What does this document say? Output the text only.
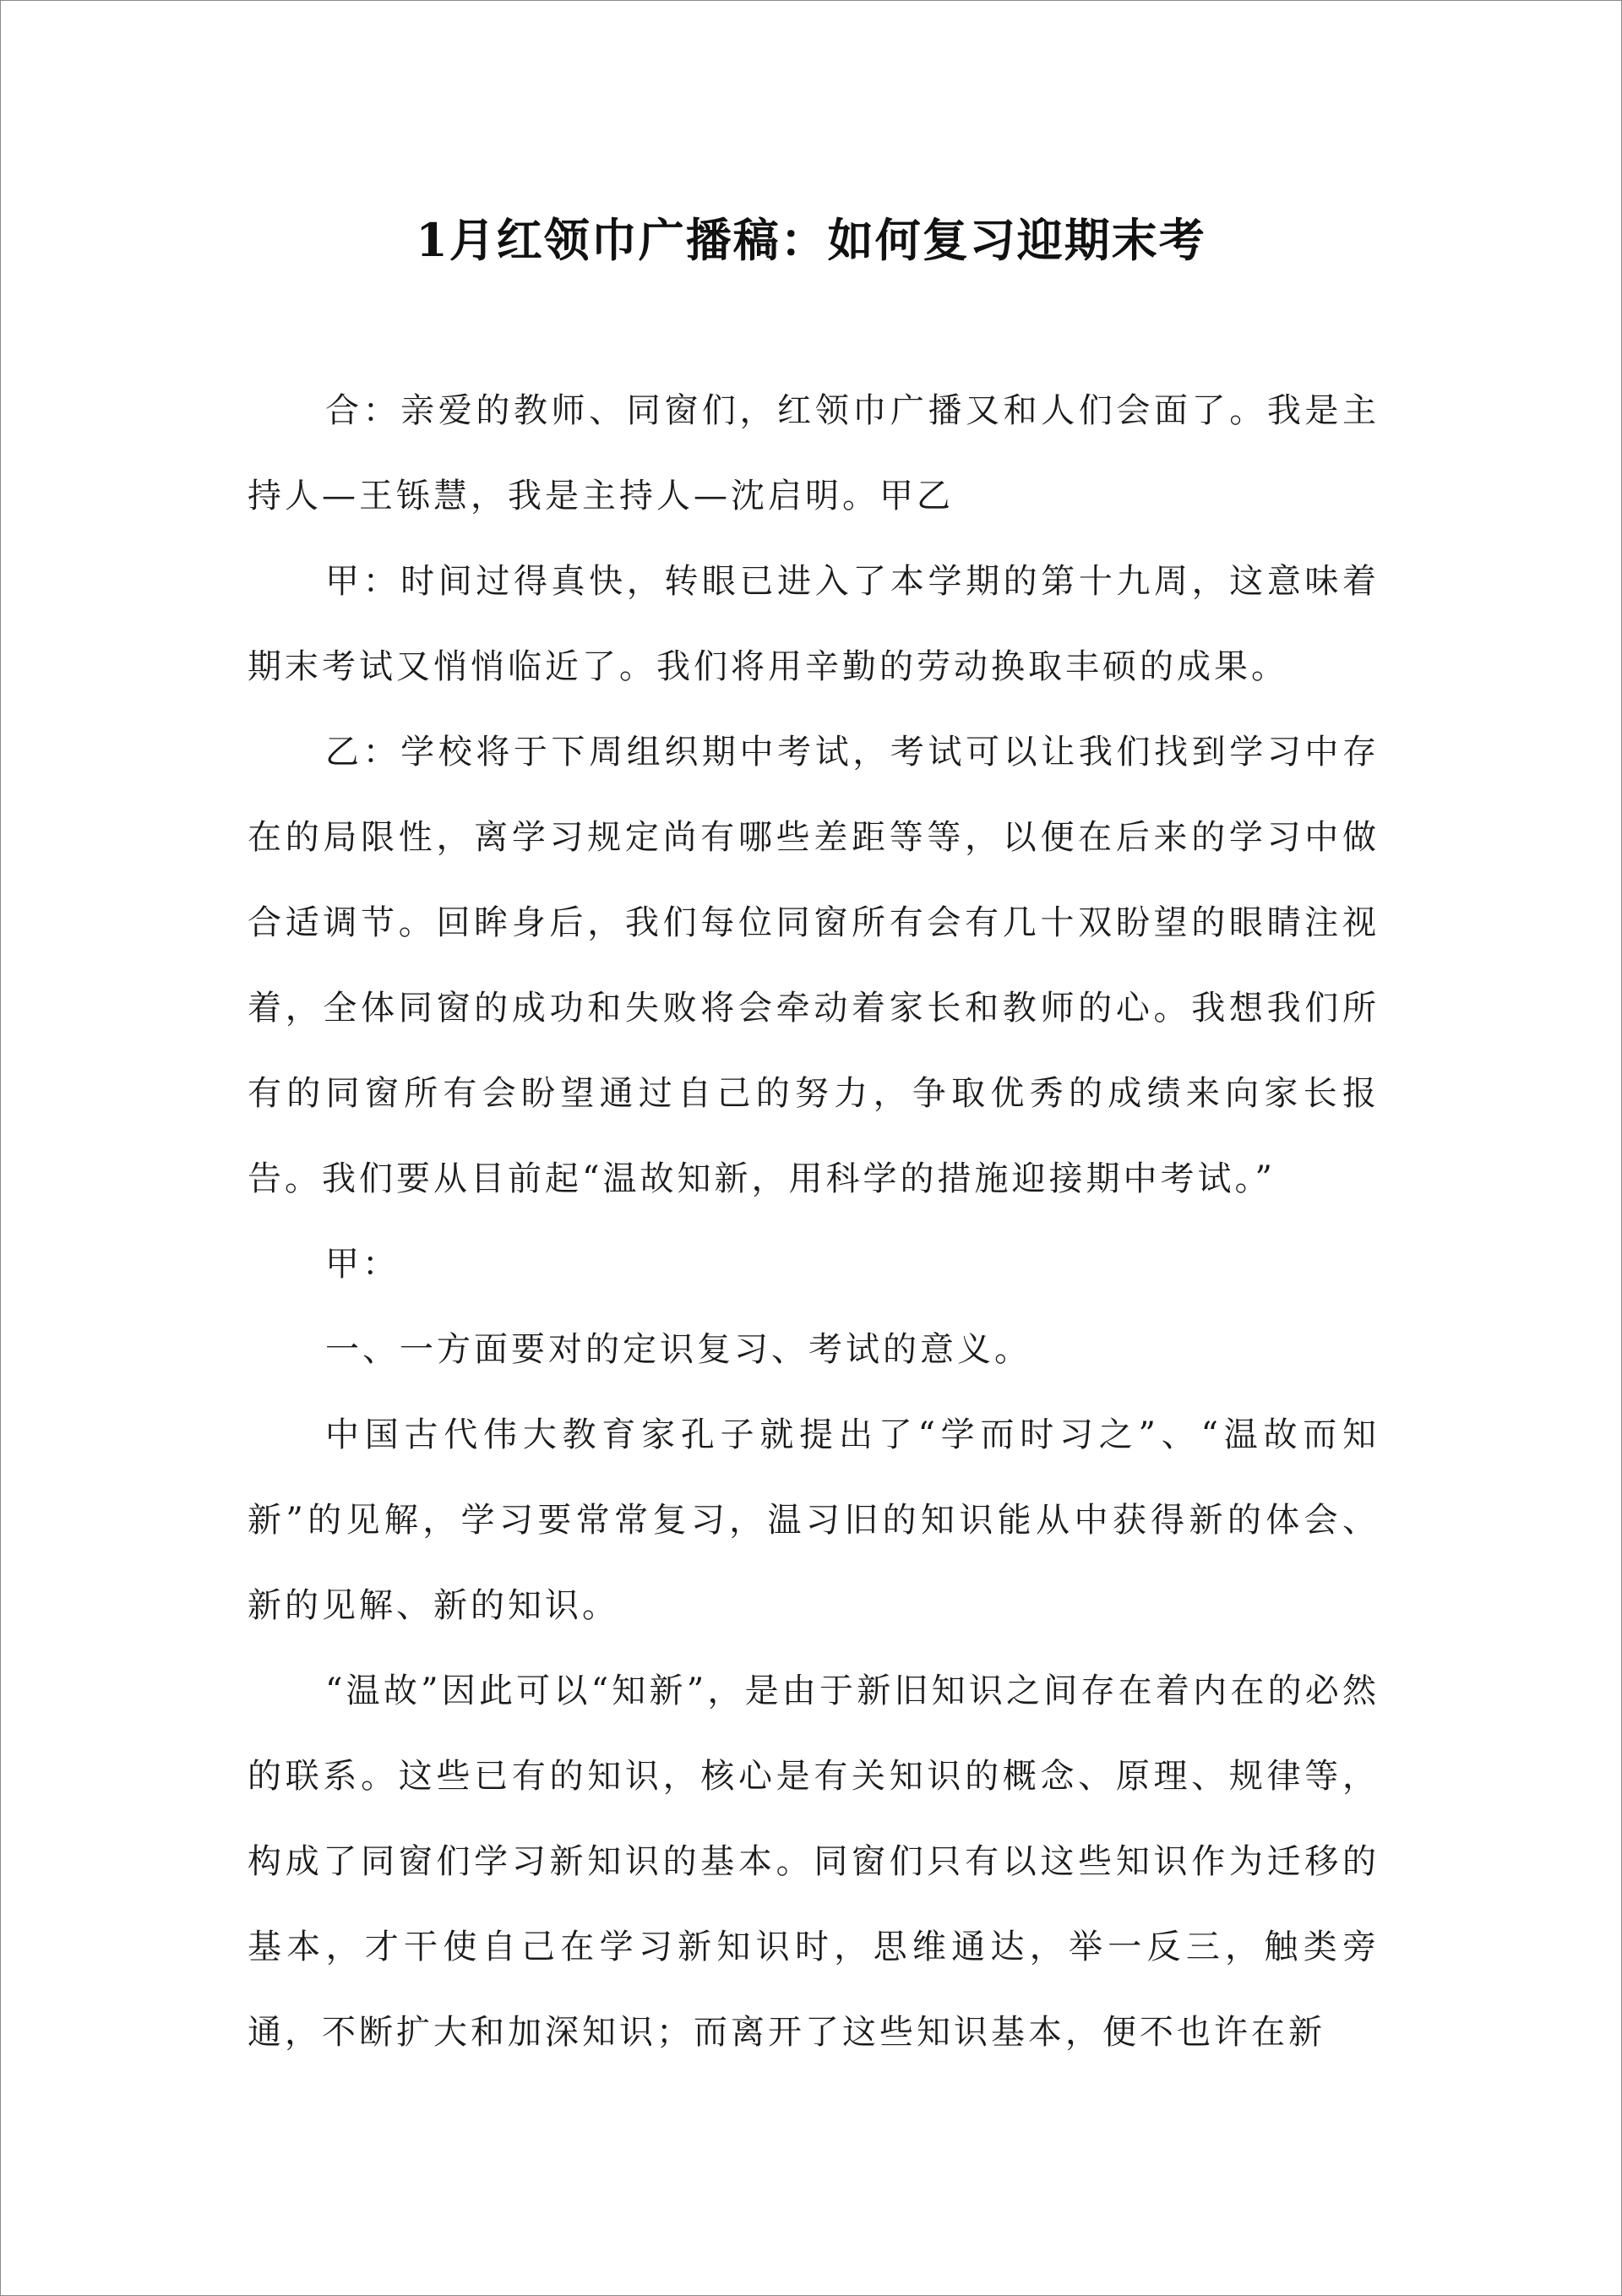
1月红领巾广播稿：如何复习迎期末考

合：亲爱的教师、同窗们，红领巾广播又和人们会面了。我是主持人—王铄慧，我是主持人—沈启明。甲乙

甲：时间过得真快，转眼已进入了本学期的第十九周，这意味着期末考试又悄悄临近了。我们将用辛勤的劳动换取丰硕的成果。

乙：学校将于下周组织期中考试，考试可以让我们找到学习中存在的局限性，离学习规定尚有哪些差距等等，以便在后来的学习中做合适调节。回眸身后，我们每位同窗所有会有几十双盼望的眼睛注视着，全体同窗的成功和失败将会牵动着家长和教师的心。我想我们所有的同窗所有会盼望通过自己的努力，争取优秀的成绩来向家长报告。我们要从目前起“温故知新，用科学的措施迎接期中考试。”

甲：

一、一方面要对的定识复习、考试的意义。

中国古代伟大教育家孔子就提出了“学而时习之”、“温故而知新”的见解，学习要常常复习，温习旧的知识能从中获得新的体会、新的见解、新的知识。

“温故”因此可以“知新”，是由于新旧知识之间存在着内在的必然的联系。这些已有的知识，核心是有关知识的概念、原理、规律等，构成了同窗们学习新知识的基本。同窗们只有以这些知识作为迁移的基本，才干使自己在学习新知识时，思维通达，举一反三，触类旁通，不断扩大和加深知识；而离开了这些知识基本，便不也许在新
